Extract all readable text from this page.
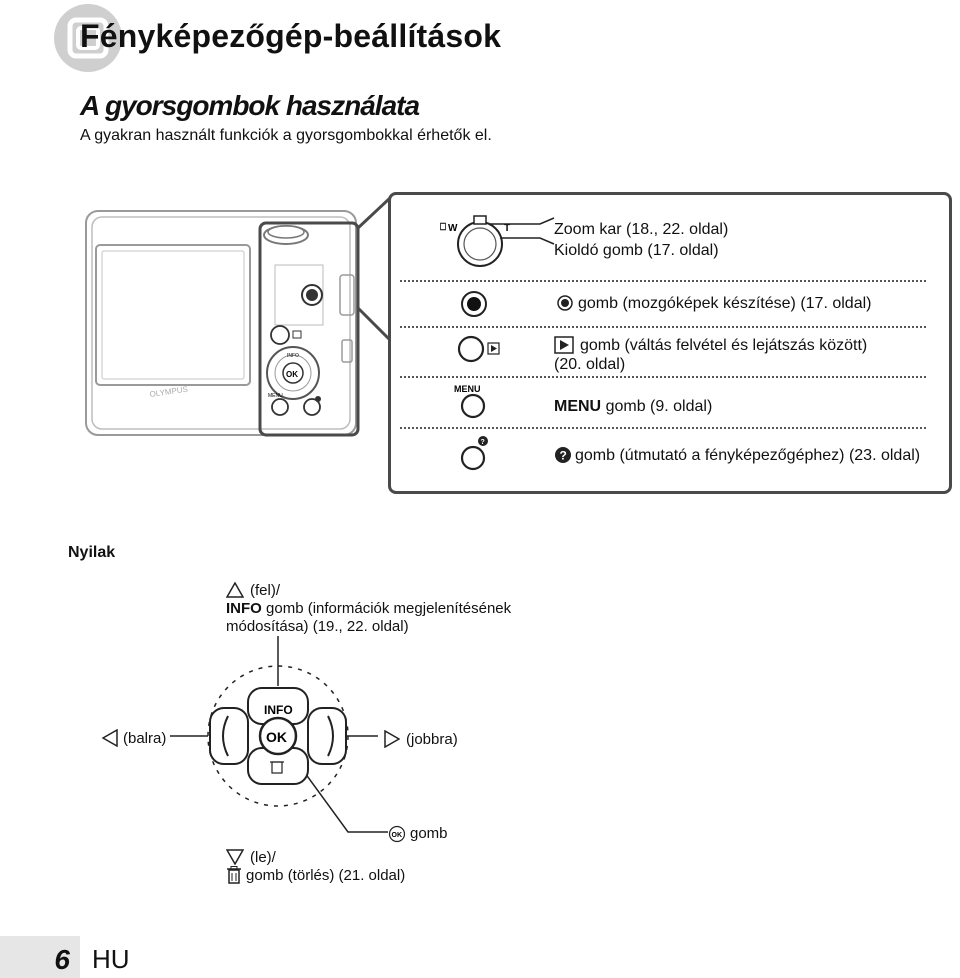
Fényképezőgép-beállítások
A gyorsgombok használata
A gyakran használt funkciók a gyorsgombokkal érhetők el.
OLYMPUS
OK
INFO
MENU
⎕ W	T	Zoom kar (18., 22. oldal)
Kioldó gomb (17. oldal)
gomb (mozgóképek készítése) (17. oldal)
gomb (váltás felvétel és lejátszás között)
(20. oldal)
MENU
MENU gomb (9. oldal)
?
? gomb (útmutató a fényképezőgéphez) (23. oldal)
Nyilak
(fel)/
INFO gomb (információk megjelenítésének
módosítása) (19., 22. oldal)
(balra)	(jobbra)
OK
INFO
OK gomb
(le)/
gomb (törlés) (21. oldal)
6 HU
